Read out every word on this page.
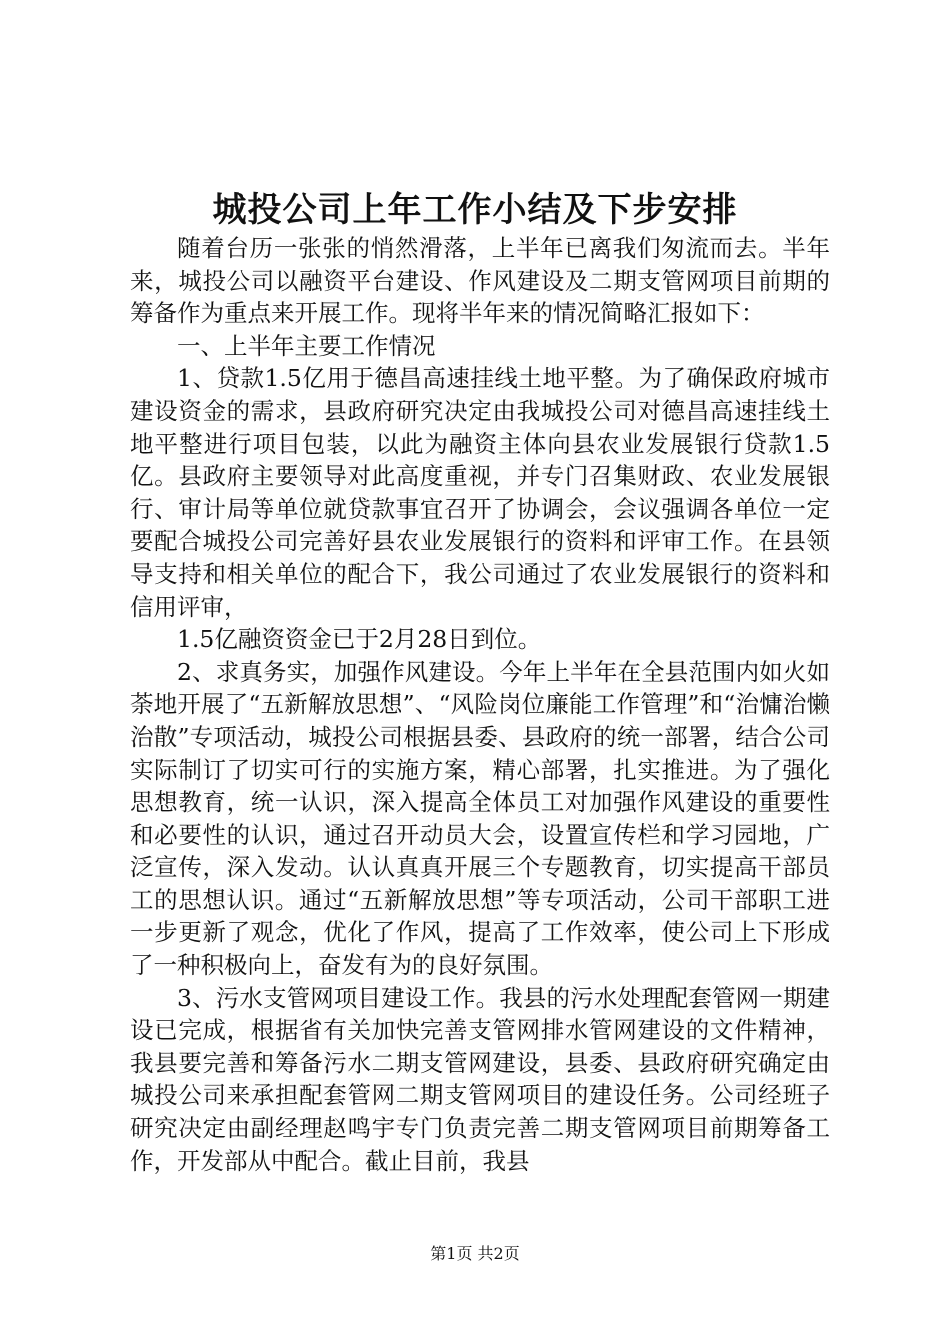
城投公司上年工作小结及下步安排

随着台历一张张的悄然滑落，上半年已离我们匆流而去。半年来，城投公司以融资平台建设、作风建设及二期支管网项目前期的筹备作为重点来开展工作。现将半年来的情况简略汇报如下：

一、上半年主要工作情况

1、贷款1.5亿用于德昌高速挂线土地平整。为了确保政府城市建设资金的需求，县政府研究决定由我城投公司对德昌高速挂线土地平整进行项目包装，以此为融资主体向县农业发展银行贷款1.5亿。县政府主要领导对此高度重视，并专门召集财政、农业发展银行、审计局等单位就贷款事宜召开了协调会，会议强调各单位一定要配合城投公司完善好县农业发展银行的资料和评审工作。在县领导支持和相关单位的配合下，我公司通过了农业发展银行的资料和信用评审，

1.5亿融资资金已于2月28日到位。

2、求真务实，加强作风建设。今年上半年在全县范围内如火如荼地开展了“五新解放思想”、“风险岗位廉能工作管理”和“治慵治懒治散”专项活动，城投公司根据县委、县政府的统一部署，结合公司实际制订了切实可行的实施方案，精心部署，扎实推进。为了强化思想教育，统一认识，深入提高全体员工对加强作风建设的重要性和必要性的认识，通过召开动员大会，设置宣传栏和学习园地，广泛宣传，深入发动。认认真真开展三个专题教育，切实提高干部员工的思想认识。通过“五新解放思想”等专项活动，公司干部职工进一步更新了观念，优化了作风，提高了工作效率，使公司上下形成了一种积极向上，奋发有为的良好氛围。

3、污水支管网项目建设工作。我县的污水处理配套管网一期建设已完成，根据省有关加快完善支管网排水管网建设的文件精神，我县要完善和筹备污水二期支管网建设，县委、县政府研究确定由城投公司来承担配套管网二期支管网项目的建设任务。公司经班子研究决定由副经理赵鸣宇专门负责完善二期支管网项目前期筹备工作，开发部从中配合。截止目前，我县

第1页 共2页
